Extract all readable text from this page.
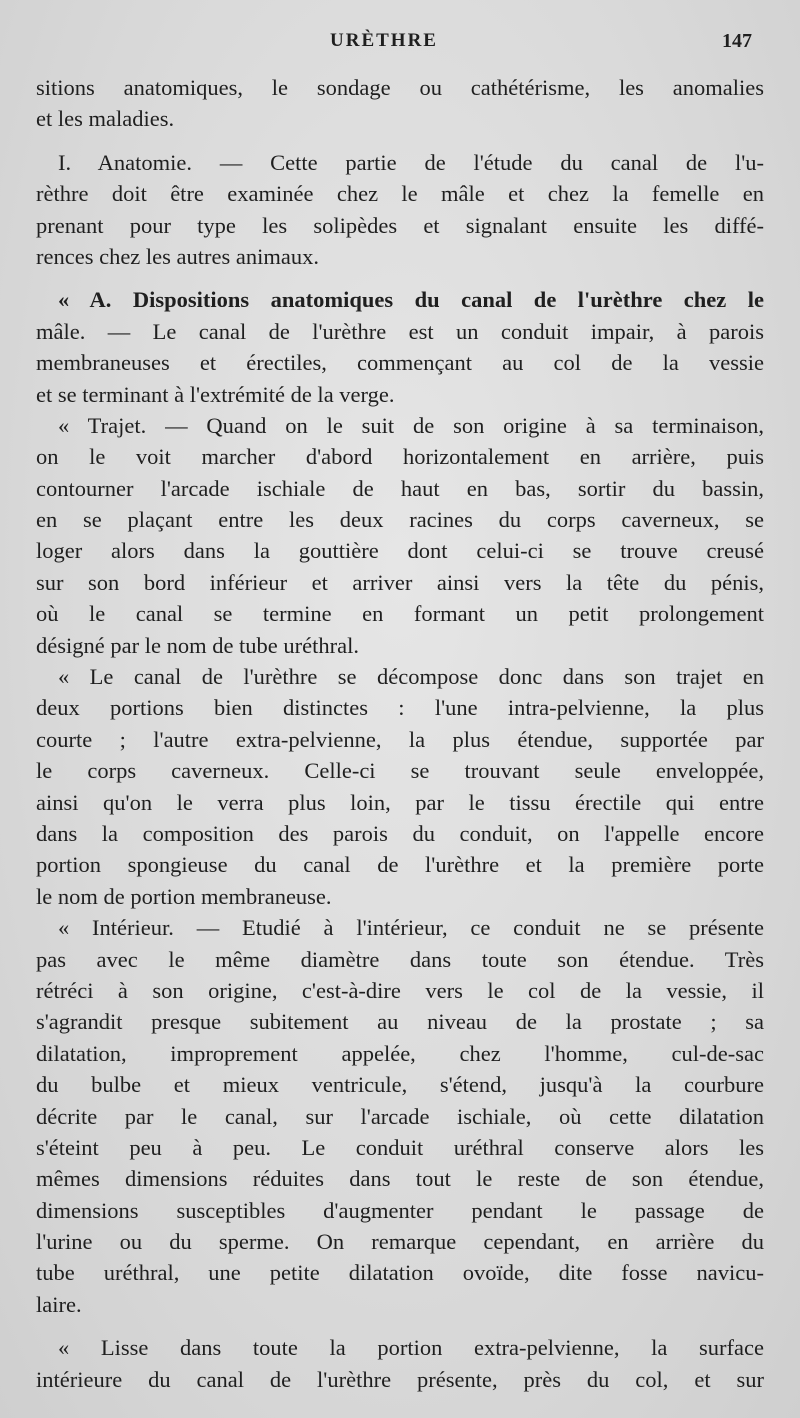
URÈTHRE	147
sitions anatomiques, le sondage ou cathétérisme, les anomalies
et les maladies.
I. Anatomie. — Cette partie de l'étude du canal de l'u-
rèthre doit être examinée chez le mâle et chez la femelle en
prenant pour type les solipèdes et signalant ensuite les diffé-
rences chez les autres animaux.
« A. Dispositions anatomiques du canal de l'urèthre chez le
mâle. — Le canal de l'urèthre est un conduit impair, à parois
membraneuses et érectiles, commençant au col de la vessie
et se terminant à l'extrémité de la verge.
« Trajet. — Quand on le suit de son origine à sa terminaison,
on le voit marcher d'abord horizontalement en arrière, puis
contourner l'arcade ischiale de haut en bas, sortir du bassin,
en se plaçant entre les deux racines du corps caverneux, se
loger alors dans la gouttière dont celui-ci se trouve creusé
sur son bord inférieur et arriver ainsi vers la tête du pénis,
où le canal se termine en formant un petit prolongement
désigné par le nom de tube uréthral.
« Le canal de l'urèthre se décompose donc dans son trajet en
deux portions bien distinctes : l'une intra-pelvienne, la plus
courte ; l'autre extra-pelvienne, la plus étendue, supportée par
le corps caverneux. Celle-ci se trouvant seule enveloppée,
ainsi qu'on le verra plus loin, par le tissu érectile qui entre
dans la composition des parois du conduit, on l'appelle encore
portion spongieuse du canal de l'urèthre et la première porte
le nom de portion membraneuse.
« Intérieur. — Etudié à l'intérieur, ce conduit ne se présente
pas avec le même diamètre dans toute son étendue. Très
rétréci à son origine, c'est-à-dire vers le col de la vessie, il
s'agrandit presque subitement au niveau de la prostate ; sa
dilatation, improprement appelée, chez l'homme, cul-de-sac
du bulbe et mieux ventricule, s'étend, jusqu'à la courbure
décrite par le canal, sur l'arcade ischiale, où cette dilatation
s'éteint peu à peu. Le conduit uréthral conserve alors les
mêmes dimensions réduites dans tout le reste de son étendue,
dimensions susceptibles d'augmenter pendant le passage de
l'urine ou du sperme. On remarque cependant, en arrière du
tube uréthral, une petite dilatation ovoïde, dite fosse navicu-
laire.
« Lisse dans toute la portion extra-pelvienne, la surface
intérieure du canal de l'urèthre présente, près du col, et sur
